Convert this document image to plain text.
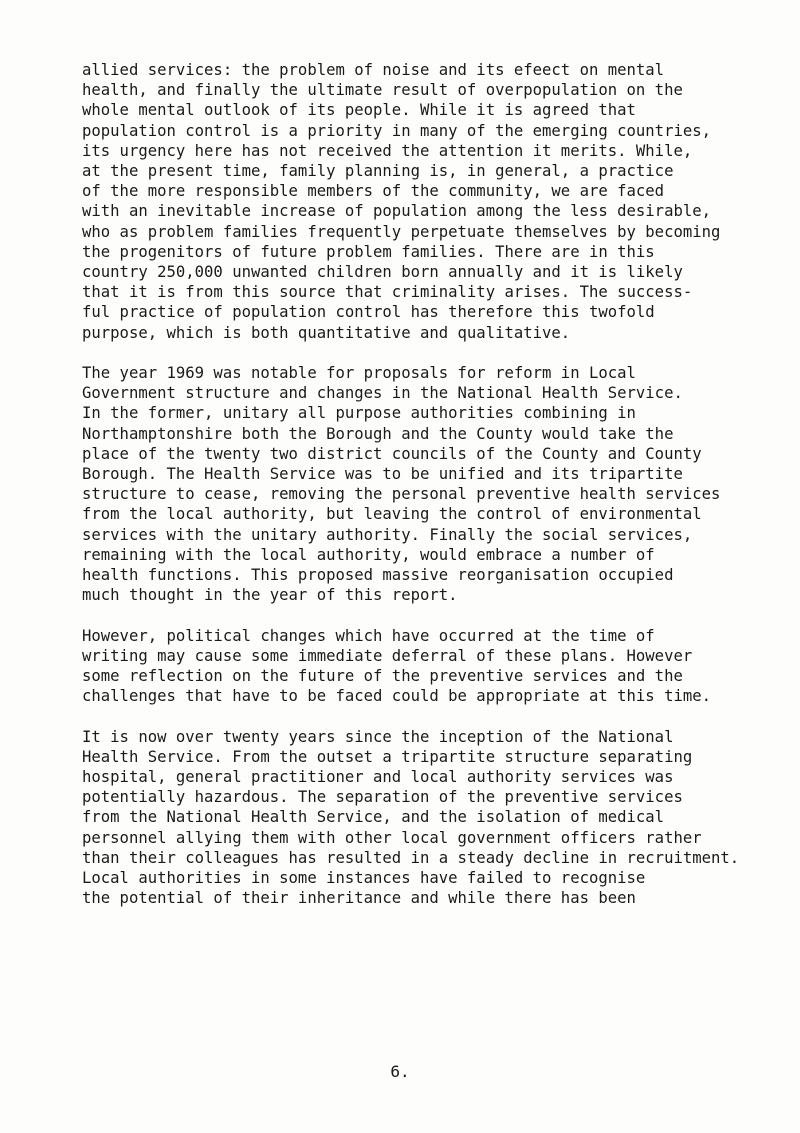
allied services: the problem of noise and its efeect on mental
health, and finally the ultimate result of overpopulation on the
whole mental outlook of its people. While it is agreed that
population control is a priority in many of the emerging countries,
its urgency here has not received the attention it merits. While,
at the present time, family planning is, in general, a practice
of the more responsible members of the community, we are faced
with an inevitable increase of population among the less desirable,
who as problem families frequently perpetuate themselves by becoming
the progenitors of future problem families. There are in this
country 250,000 unwanted children born annually and it is likely
that it is from this source that criminality arises. The success-
ful practice of population control has therefore this twofold
purpose, which is both quantitative and qualitative.
The year 1969 was notable for proposals for reform in Local
Government structure and changes in the National Health Service.
In the former, unitary all purpose authorities combining in
Northamptonshire both the Borough and the County would take the
place of the twenty two district councils of the County and County
Borough. The Health Service was to be unified and its tripartite
structure to cease, removing the personal preventive health services
from the local authority, but leaving the control of environmental
services with the unitary authority. Finally the social services,
remaining with the local authority, would embrace a number of
health functions. This proposed massive reorganisation occupied
much thought in the year of this report.
However, political changes which have occurred at the time of
writing may cause some immediate deferral of these plans. However
some reflection on the future of the preventive services and the
challenges that have to be faced could be appropriate at this time.
It is now over twenty years since the inception of the National
Health Service. From the outset a tripartite structure separating
hospital, general practitioner and local authority services was
potentially hazardous. The separation of the preventive services
from the National Health Service, and the isolation of medical
personnel allying them with other local government officers rather
than their colleagues has resulted in a steady decline in recruitment.
Local authorities in some instances have failed to recognise
the potential of their inheritance and while there has been
6.
